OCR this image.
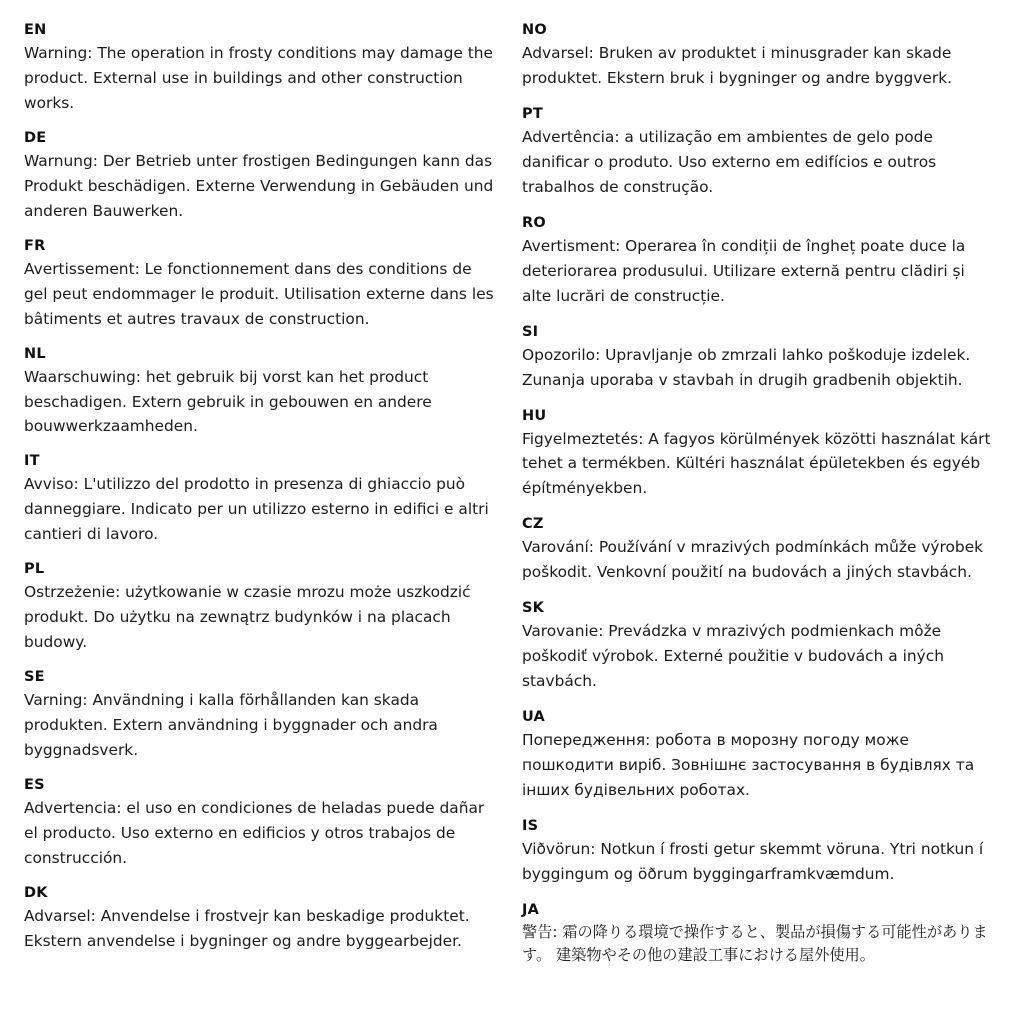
EN
Warning: The operation in frosty conditions may damage the product. External use in buildings and other construction works.
DE
Warnung: Der Betrieb unter frostigen Bedingungen kann das Produkt beschädigen. Externe Verwendung in Gebäuden und anderen Bauwerken.
FR
Avertissement: Le fonctionnement dans des conditions de gel peut endommager le produit. Utilisation externe dans les bâtiments et autres travaux de construction.
NL
Waarschuwing: het gebruik bij vorst kan het product beschadigen. Extern gebruik in gebouwen en andere bouwwerkzaamheden.
IT
Avviso: L'utilizzo del prodotto in presenza di ghiaccio può danneggiare. Indicato per un utilizzo esterno in edifici e altri cantieri di lavoro.
PL
Ostrzeżenie: użytkowanie w czasie mrozu może uszkodzić produkt. Do użytku na zewnątrz budynków i na placach budowy.
SE
Varning: Användning i kalla förhållanden kan skada produkten. Extern användning i byggnader och andra byggnadsverk.
ES
Advertencia: el uso en condiciones de heladas puede dañar el producto. Uso externo en edificios y otros trabajos de construcción.
DK
Advarsel: Anvendelse i frostvejr kan beskadige produktet. Ekstern anvendelse i bygninger og andre byggearbejder.
NO
Advarsel: Bruken av produktet i minusgrader kan skade produktet. Ekstern bruk i bygninger og andre byggverk.
PT
Advertência: a utilização em ambientes de gelo pode danificar o produto. Uso externo em edifícios e outros trabalhos de construção.
RO
Avertisment: Operarea în condiții de îngheț poate duce la deteriorarea produsului. Utilizare externă pentru clădiri și alte lucrări de construcție.
SI
Opozorilo: Upravljanje ob zmrzali lahko poškoduje izdelek. Zunanja uporaba v stavbah in drugih gradbenih objektih.
HU
Figyelmeztetés: A fagyos körülmények közötti használat kárt tehet a termékben. Kültéri használat épületekben és egyéb építményekben.
CZ
Varování: Používání v mrazivých podmínkách může výrobek poškodit. Venkovní použití na budovách a jiných stavbách.
SK
Varovanie: Prevádzka v mrazivých podmienkach môže poškodiť výrobok. Externé použitie v budovách a iných stavbách.
UA
Попередження: робота в морозну погоду може пошкодити виріб. Зовнішнє застосування в будівлях та інших будівельних роботах.
IS
Viðvörun: Notkun í frosti getur skemmt vöruna. Ytri notkun í byggingum og öðrum byggingarframkvæmdum.
JA
警告: 霜の降りる環境で操作すると、製品が損傷する可能性があります。 建築物やその他の建設工事における屋外使用。
